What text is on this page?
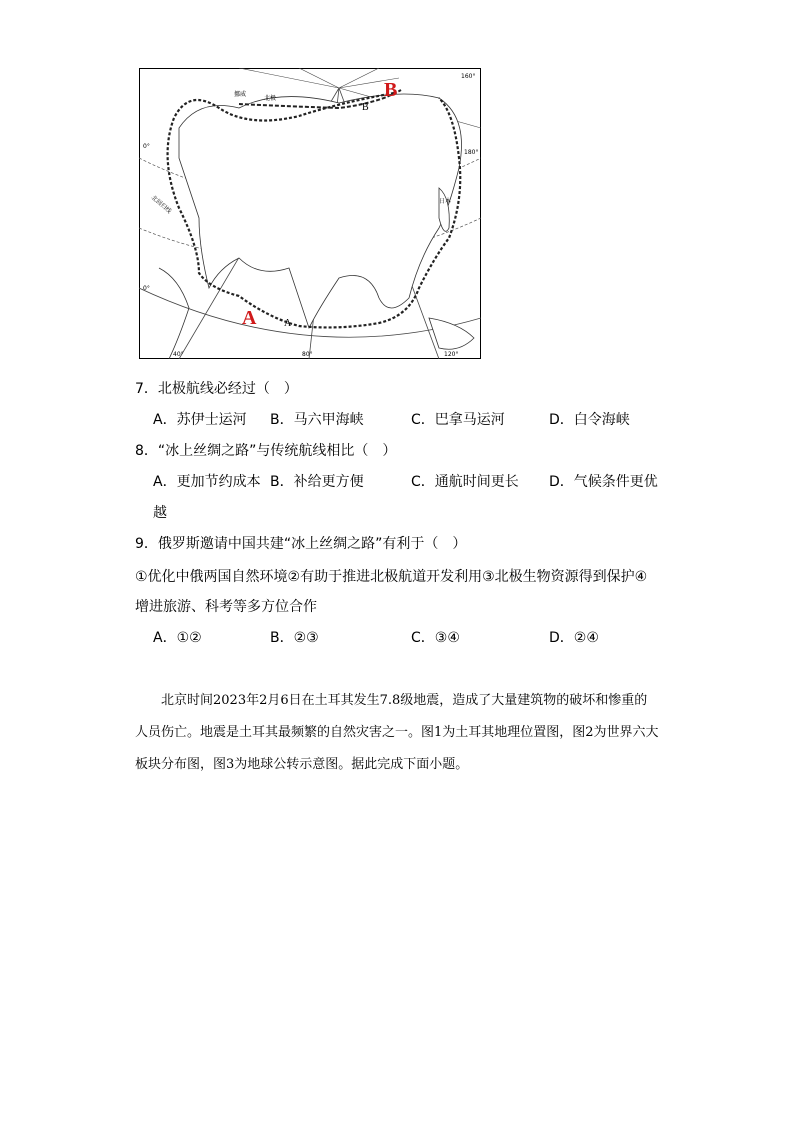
B
B
A	A
挪威
北极
日本
北回归线
160°
180°
0°
40°	80°	120°
0°
7．北极航线必经过（　）
A．苏伊士运河 B．马六甲海峡	C．巴拿马运河	D．白令海峡
8．“冰上丝绸之路”与传统航线相比（　）
A．更加节约成本 B．补给更方便	C．通航时间更长 D．气候条件更优
越
9．俄罗斯邀请中国共建“冰上丝绸之路”有利于（　）
①优化中俄两国自然环境②有助于推进北极航道开发利用③北极生物资源得到保护④
增进旅游、科考等多方位合作
A．①②	B．②③	C．③④	D．②④
北京时间2023年2月6日在土耳其发生7.8级地震，造成了大量建筑物的破坏和惨重的人员伤亡。地震是土耳其最频繁的自然灾害之一。图1为土耳其地理位置图，图2为世界六大板块分布图，图3为地球公转示意图。据此完成下面小题。
